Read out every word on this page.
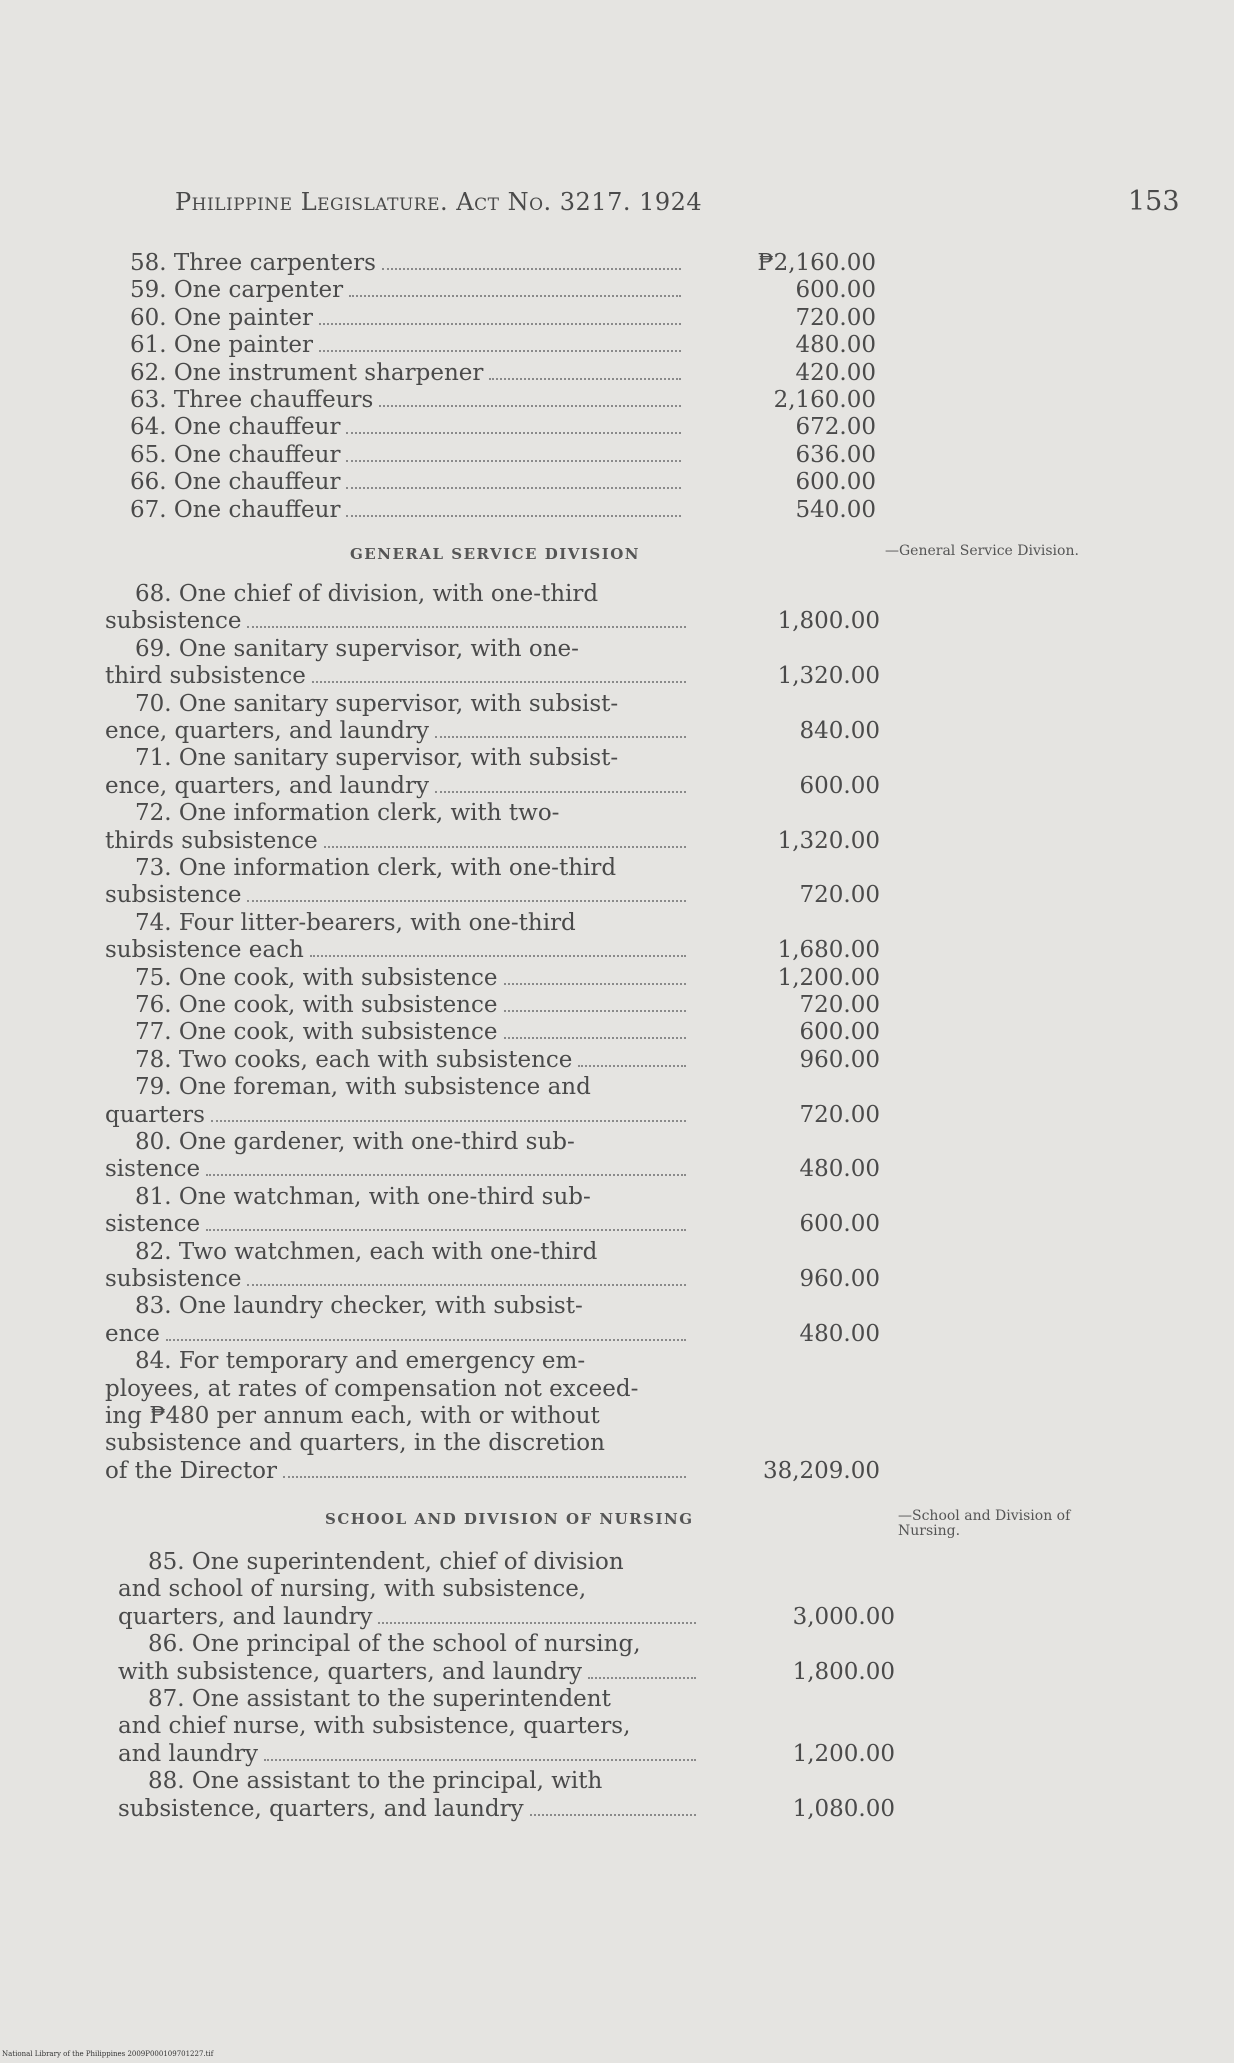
Philippine Legislature. Act No. 3217. 1924	153
58. Three carpenters	₱2,160.00
59. One carpenter	600.00
60. One painter	720.00
61. One painter	480.00
62. One instrument sharpener	420.00
63. Three chauffeurs	2,160.00
64. One chauffeur	672.00
65. One chauffeur	636.00
66. One chauffeur	600.00
67. One chauffeur	540.00
GENERAL SERVICE DIVISION	—General Service Division.
68. One chief of division, with one-third
subsistence	1,800.00
69. One sanitary supervisor, with one-
third subsistence	1,320.00
70. One sanitary supervisor, with subsist-
ence, quarters, and laundry	840.00
71. One sanitary supervisor, with subsist-
ence, quarters, and laundry	600.00
72. One information clerk, with two-
thirds subsistence	1,320.00
73. One information clerk, with one-third
subsistence	720.00
74. Four litter-bearers, with one-third
subsistence each	1,680.00
75. One cook, with subsistence	1,200.00
76. One cook, with subsistence	720.00
77. One cook, with subsistence	600.00
78. Two cooks, each with subsistence	960.00
79. One foreman, with subsistence and
quarters	720.00
80. One gardener, with one-third sub-
sistence	480.00
81. One watchman, with one-third sub-
sistence	600.00
82. Two watchmen, each with one-third
subsistence	960.00
83. One laundry checker, with subsist-
ence	480.00
84. For temporary and emergency em-
ployees, at rates of compensation not exceed-
ing ₱480 per annum each, with or without
subsistence and quarters, in the discretion
of the Director	38,209.00
SCHOOL AND DIVISION OF NURSING	—School and Division of Nursing.
85. One superintendent, chief of division
and school of nursing, with subsistence,
quarters, and laundry	3,000.00
86. One principal of the school of nursing,
with subsistence, quarters, and laundry	1,800.00
87. One assistant to the superintendent
and chief nurse, with subsistence, quarters,
and laundry	1,200.00
88. One assistant to the principal, with
subsistence, quarters, and laundry	1,080.00
National Library of the Philippines 2009P000109701227.tif
